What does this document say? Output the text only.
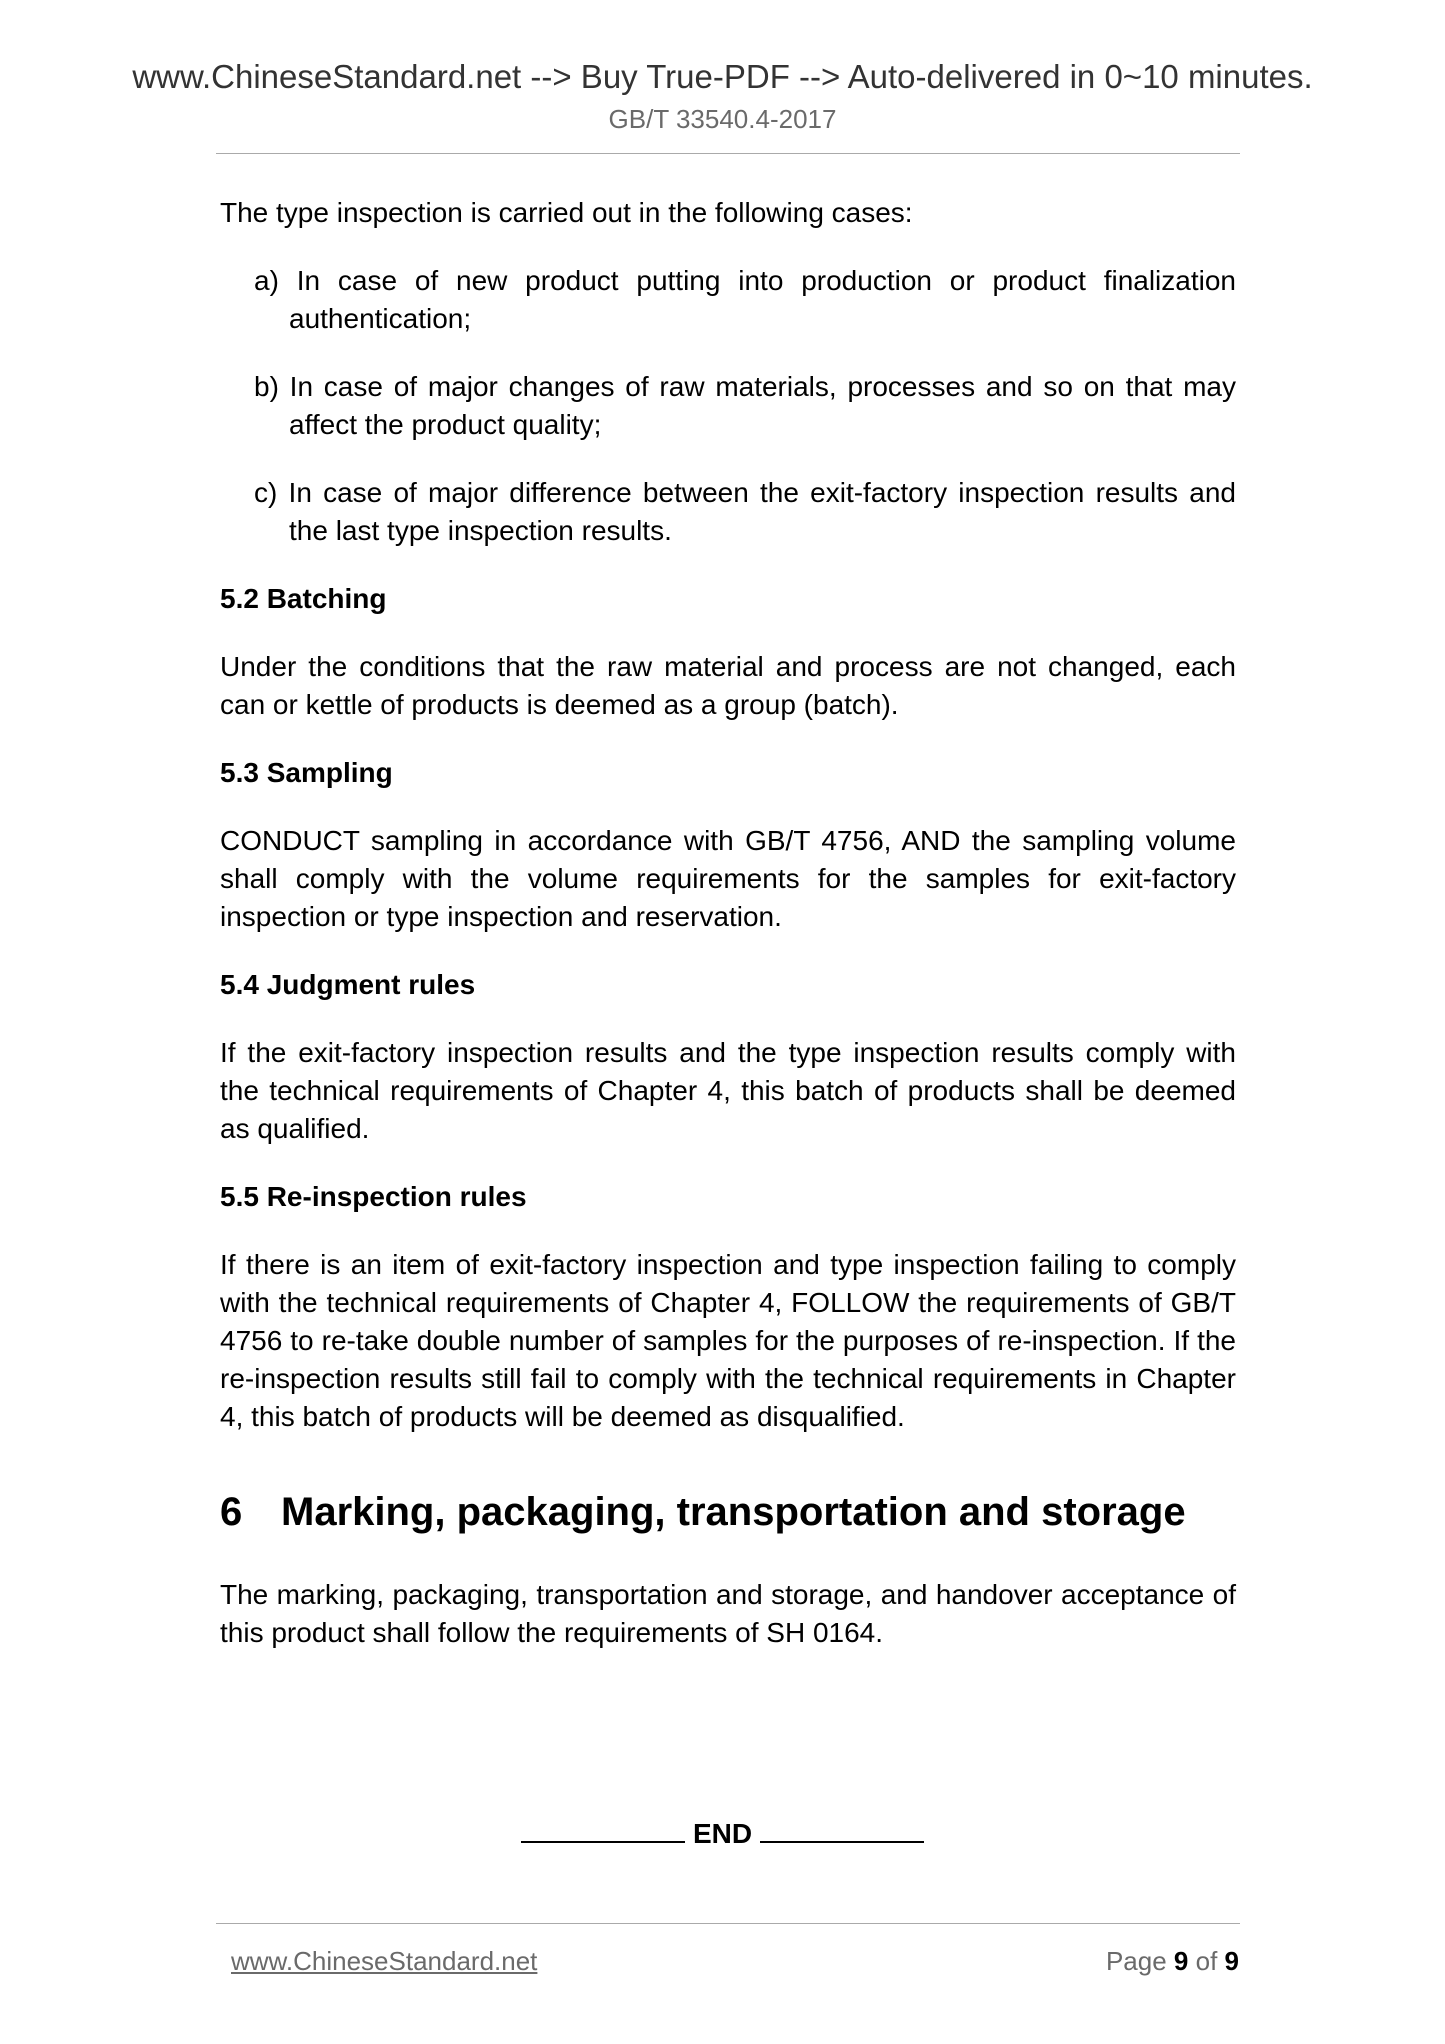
www.ChineseStandard.net --> Buy True-PDF --> Auto-delivered in 0~10 minutes.
GB/T 33540.4-2017

The type inspection is carried out in the following cases:

a) In case of new product putting into production or product finalization authentication;
b) In case of major changes of raw materials, processes and so on that may affect the product quality;
c) In case of major difference between the exit-factory inspection results and the last type inspection results.
5.2 Batching

Under the conditions that the raw material and process are not changed, each can or kettle of products is deemed as a group (batch).

5.3 Sampling

CONDUCT sampling in accordance with GB/T 4756, AND the sampling volume shall comply with the volume requirements for the samples for exit-factory inspection or type inspection and reservation.

5.4 Judgment rules

If the exit-factory inspection results and the type inspection results comply with the technical requirements of Chapter 4, this batch of products shall be deemed as qualified.

5.5 Re-inspection rules

If there is an item of exit-factory inspection and type inspection failing to comply with the technical requirements of Chapter 4, FOLLOW the requirements of GB/T 4756 to re-take double number of samples for the purposes of re-inspection. If the re-inspection results still fail to comply with the technical requirements in Chapter 4, this batch of products will be deemed as disqualified.

6 Marking, packaging, transportation and storage

The marking, packaging, transportation and storage, and handover acceptance of this product shall follow the requirements of SH 0164.

END
www.ChineseStandard.net	Page 9 of 9
